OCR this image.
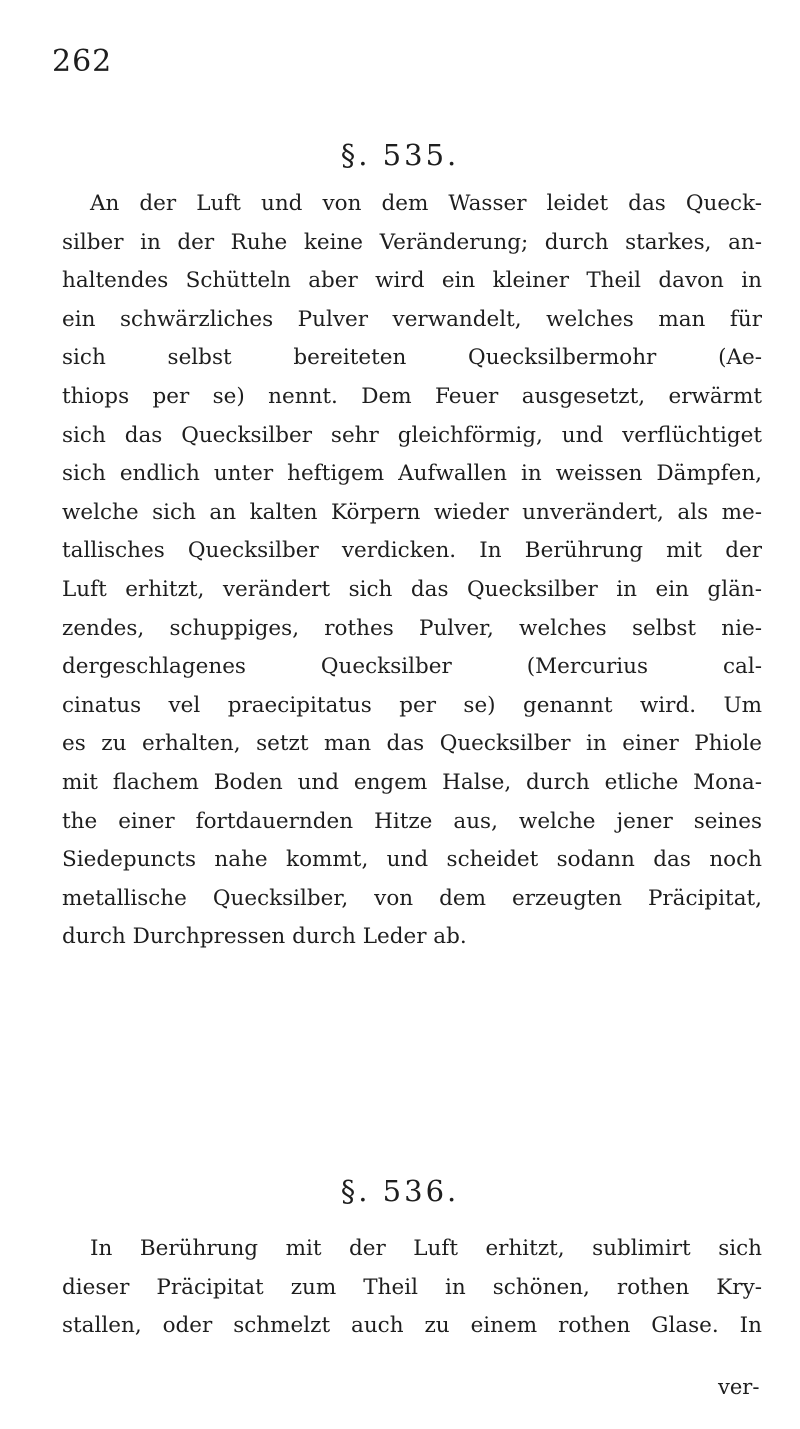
262
§. 535.
An der Luft und von dem Wasser leidet das Queck-
silber in der Ruhe keine Veränderung; durch starkes, an-
haltendes Schütteln aber wird ein kleiner Theil davon in
ein schwärzliches Pulver verwandelt, welches man für
sich selbst bereiteten Quecksilbermohr (Ae-
thiops per se) nennt. Dem Feuer ausgesetzt, erwärmt
sich das Quecksilber sehr gleichförmig, und verflüchtiget
sich endlich unter heftigem Aufwallen in weissen Dämpfen,
welche sich an kalten Körpern wieder unverändert, als me-
tallisches Quecksilber verdicken. In Berührung mit der
Luft erhitzt, verändert sich das Quecksilber in ein glän-
zendes, schuppiges, rothes Pulver, welches selbst nie-
dergeschlagenes Quecksilber (Mercurius cal-
cinatus vel praecipitatus per se) genannt wird. Um
es zu erhalten, setzt man das Quecksilber in einer Phiole
mit flachem Boden und engem Halse, durch etliche Mona-
the einer fortdauernden Hitze aus, welche jener seines
Siedepuncts nahe kommt, und scheidet sodann das noch
metallische Quecksilber, von dem erzeugten Präcipitat,
durch Durchpressen durch Leder ab.
§. 536.
In Berührung mit der Luft erhitzt, sublimirt sich
dieser Präcipitat zum Theil in schönen, rothen Kry-
stallen, oder schmelzt auch zu einem rothen Glase. In
ver-
